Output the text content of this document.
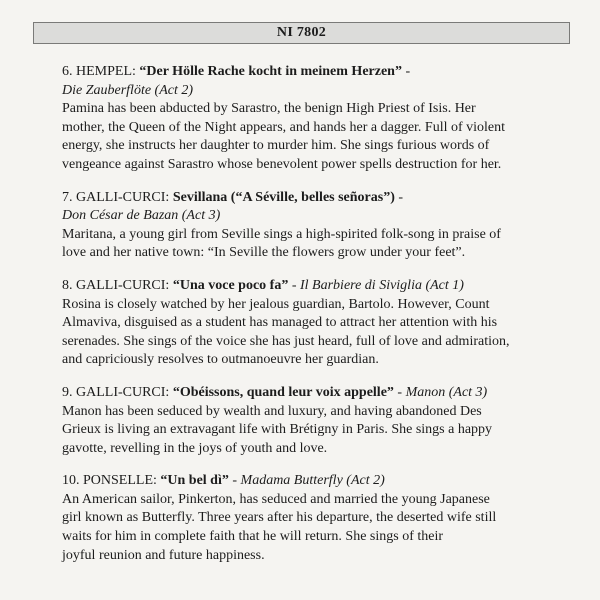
NI 7802
6. HEMPEL: “Der Hölle Rache kocht in meinem Herzen” -
Die Zauberflöte (Act 2)
Pamina has been abducted by Sarastro, the benign High Priest of Isis. Her
mother, the Queen of the Night appears, and hands her a dagger. Full of violent
energy, she instructs her daughter to murder him. She sings furious words of
vengeance against Sarastro whose benevolent power spells destruction for her.
7. GALLI-CURCI: Sevillana (“A Séville, belles señoras”) -
Don César de Bazan (Act 3)
Maritana, a young girl from Seville sings a high-spirited folk-song in praise of
love and her native town: “In Seville the flowers grow under your feet”.
8. GALLI-CURCI: “Una voce poco fa” - Il Barbiere di Siviglia (Act 1)
Rosina is closely watched by her jealous guardian, Bartolo. However, Count
Almaviva, disguised as a student has managed to attract her attention with his
serenades. She sings of the voice she has just heard, full of love and admiration,
and capriciously resolves to outmanoeuvre her guardian.
9. GALLI-CURCI: “Obéissons, quand leur voix appelle” - Manon (Act 3)
Manon has been seduced by wealth and luxury, and having abandoned Des
Grieux is living an extravagant life with Brétigny in Paris. She sings a happy
gavotte, revelling in the joys of youth and love.
10. PONSELLE: “Un bel dì” - Madama Butterfly (Act 2)
An American sailor, Pinkerton, has seduced and married the young Japanese
girl known as Butterfly. Three years after his departure, the deserted wife still
waits for him in complete faith that he will return. She sings of their
joyful reunion and future happiness.
